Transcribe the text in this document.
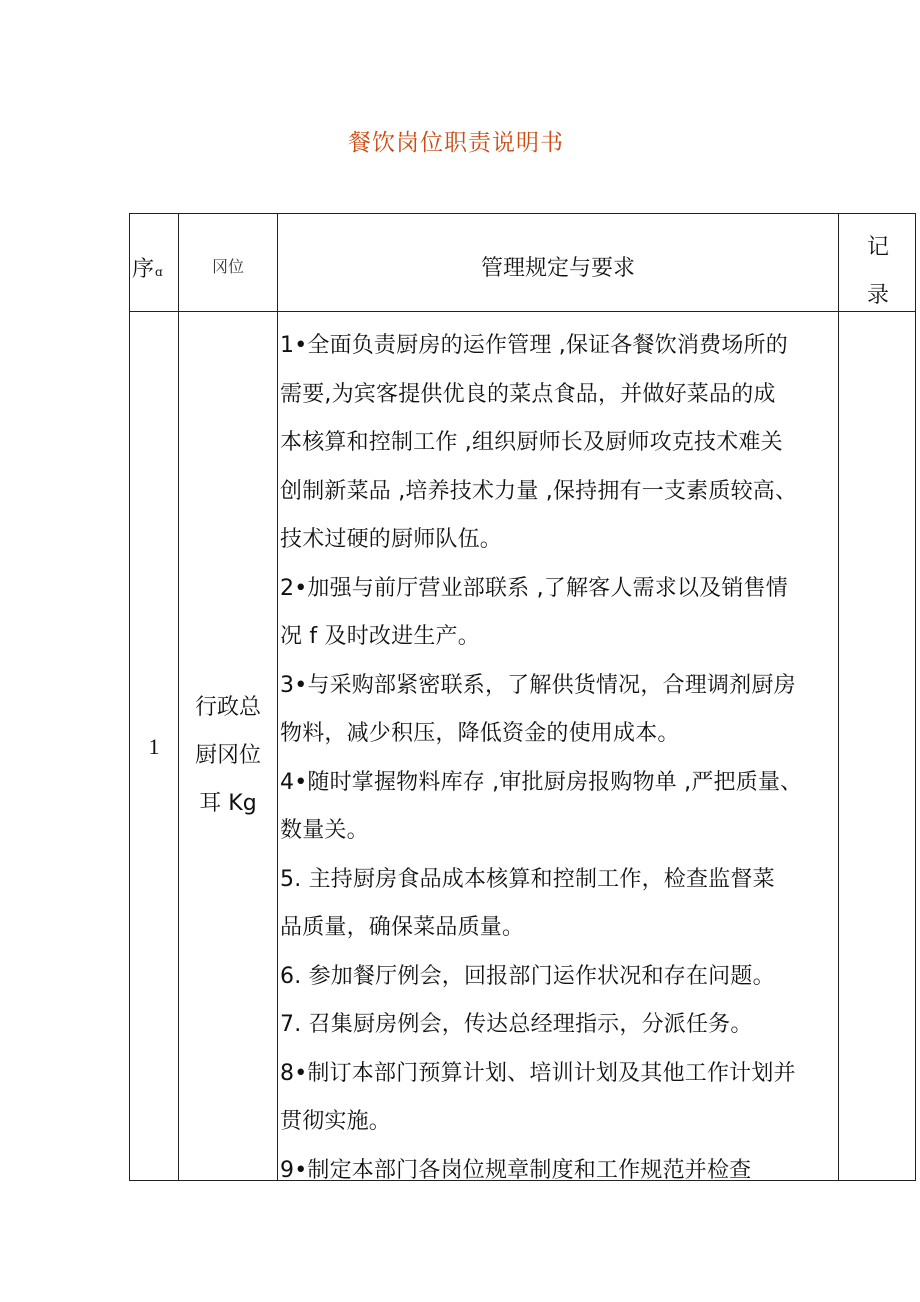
餐饮岗位职责说明书
序ɑ	冈位	管理规定与要求
记
录
1
行政总
厨冈位
耳 Kg
1•全面负责厨房的运作管理 ,保证各餐饮消费场所的
需要,为宾客提供优良的菜点食品，并做好菜品的成
本核算和控制工作 ,组织厨师长及厨师攻克技术难关
创制新菜品 ,培养技术力量 ,保持拥有一支素质较高、
技术过硬的厨师队伍。
2•加强与前厅营业部联系 ,了解客人需求以及销售情
况 f 及时改进生产。
3•与采购部紧密联系，了解供货情况，合理调剂厨房
物料，减少积压，降低资金的使用成本。
4•随时掌握物料库存 ,审批厨房报购物单 ,严把质量、
数量关。
5. 主持厨房食品成本核算和控制工作，检查监督菜
品质量，确保菜品质量。
6. 参加餐厅例会，回报部门运作状况和存在问题。
7. 召集厨房例会，传达总经理指示，分派任务。
8•制订本部门预算计划、培训计划及其他工作计划并
贯彻实施。
9•制定本部门各岗位规章制度和工作规范并检查
